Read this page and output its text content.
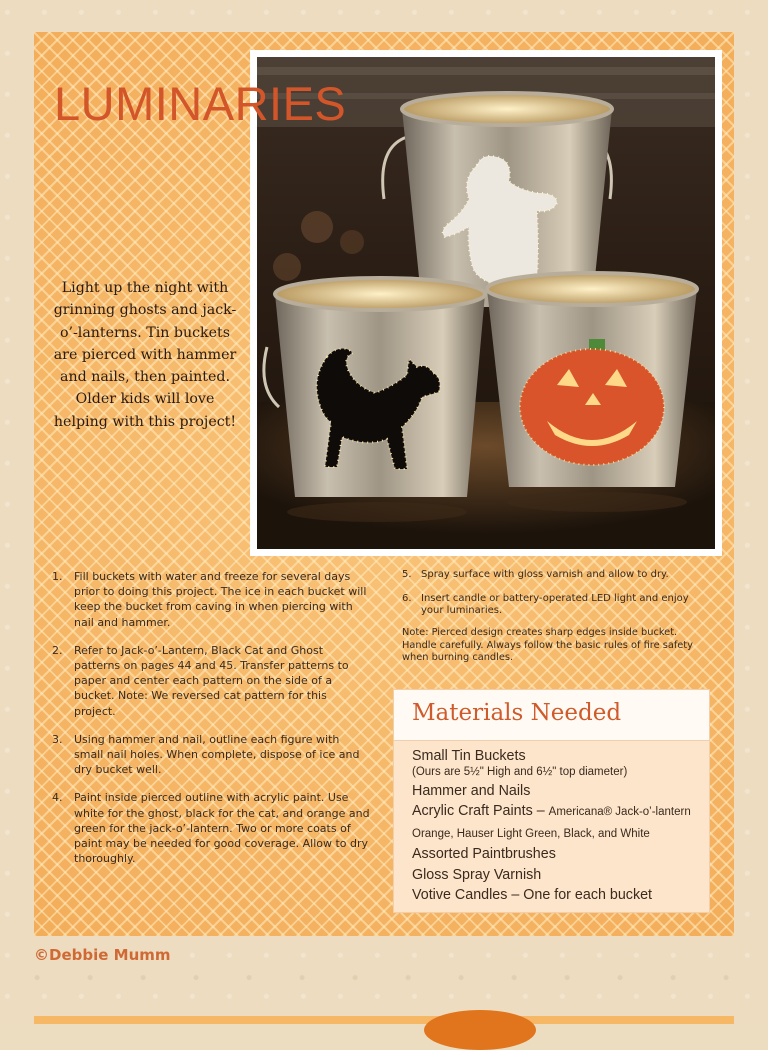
LUMINARIES

Light up the night with grinning ghosts and jack-o’-lanterns. Tin buckets are pierced with hammer and nails, then painted. Older kids will love helping with this project!

1. Fill buckets with water and freeze for several days prior to doing this project. The ice in each bucket will keep the bucket from caving in when piercing with nail and hammer.
2. Refer to Jack-o’-Lantern, Black Cat and Ghost patterns on pages 44 and 45. Transfer patterns to paper and center each pattern on the side of a bucket. Note: We reversed cat pattern for this project.
3. Using hammer and nail, outline each figure with small nail holes. When complete, dispose of ice and dry bucket well.
4. Paint inside pierced outline with acrylic paint. Use white for the ghost, black for the cat, and orange and green for the jack-o’-lantern. Two or more coats of paint may be needed for good coverage. Allow to dry thoroughly.
5. Spray surface with gloss varnish and allow to dry.
6. Insert candle or battery-operated LED light and enjoy your luminaries.

Note: Pierced design creates sharp edges inside bucket. Handle carefully. Always follow the basic rules of fire safety when burning candles.

Materials Needed
Small Tin Buckets
(Ours are 5½" High and 6½" top diameter)
Hammer and Nails
Acrylic Craft Paints – Americana® Jack-o’-lantern Orange, Hauser Light Green, Black, and White
Assorted Paintbrushes
Gloss Spray Varnish
Votive Candles – One for each bucket

©Debbie Mumm
